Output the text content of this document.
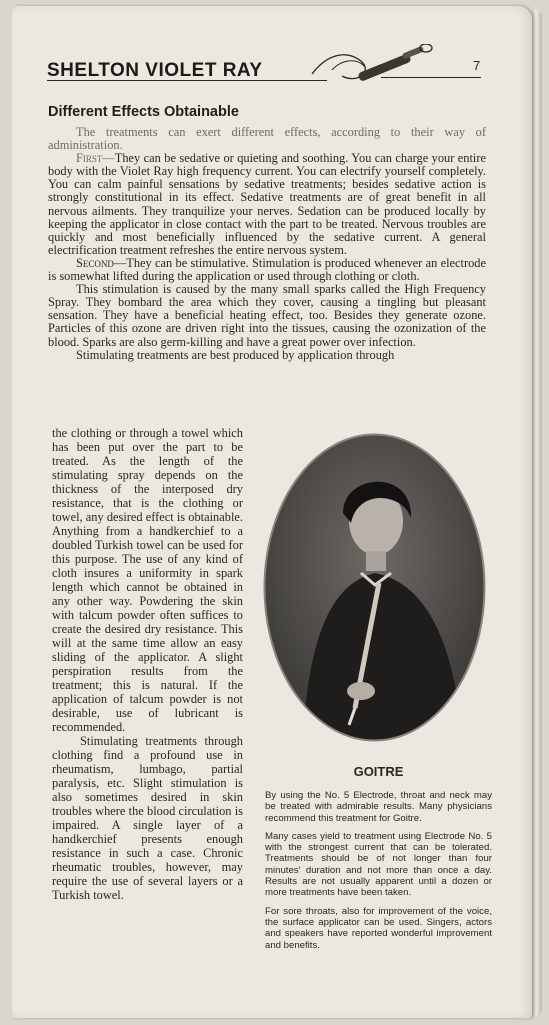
SHELTON VIOLET RAY	7
Different Effects Obtainable

The treatments can exert different effects, according to their way of administration.

First—They can be sedative or quieting and soothing. You can charge your entire body with the Violet Ray high frequency current. You can electrify yourself completely. You can calm painful sensations by sedative treatments; besides sedative action is strongly constitutional in its effect. Sedative treatments are of great benefit in all nervous ailments. They tranquilize your nerves. Sedation can be produced locally by keeping the applicator in close contact with the part to be treated. Nervous troubles are quickly and most beneficially influenced by the sedative current. A general electrification treatment refreshes the entire nervous system.

Second—They can be stimulative. Stimulation is produced whenever an electrode is somewhat lifted during the application or used through clothing or cloth.

This stimulation is caused by the many small sparks called the High Frequency Spray. They bombard the area which they cover, causing a tingling but pleasant sensation. They have a beneficial heating effect, too. Besides they generate ozone. Particles of this ozone are driven right into the tissues, causing the ozonization of the blood. Sparks are also germ-killing and have a great power over infection.

Stimulating treatments are best produced by application through

the clothing or through a towel which has been put over the part to be treated. As the length of the stimulating spray depends on the thickness of the interposed dry resistance, that is the clothing or towel, any desired effect is obtainable. Anything from a handkerchief to a doubled Turkish towel can be used for this purpose. The use of any kind of cloth insures a uniformity in spark length which cannot be obtained in any other way. Powdering the skin with talcum powder often suffices to create the desired dry resistance. This will at the same time allow an easy sliding of the applicator. A slight perspiration results from the treatment; this is natural. If the application of talcum powder is not desirable, use of lubricant is recommended.

Stimulating treatments through clothing find a profound use in rheumatism, lumbago, partial paralysis, etc. Slight stimulation is also sometimes desired in skin troubles where the blood circulation is impaired. A single layer of a handkerchief presents enough resistance in such a case. Chronic rheumatic troubles, however, may require the use of several layers or a Turkish towel.

GOITRE

By using the No. 5 Electrode, throat and neck may be treated with admirable results. Many physicians recommend this treatment for Goitre.

Many cases yield to treatment using Electrode No. 5 with the strongest current that can be tolerated. Treatments should be of not longer than four minutes' duration and not more than once a day. Results are not usually apparent until a dozen or more treatments have been taken.

For sore throats, also for improvement of the voice, the surface applicator can be used. Singers, actors and speakers have reported wonderful improvement and benefits.
